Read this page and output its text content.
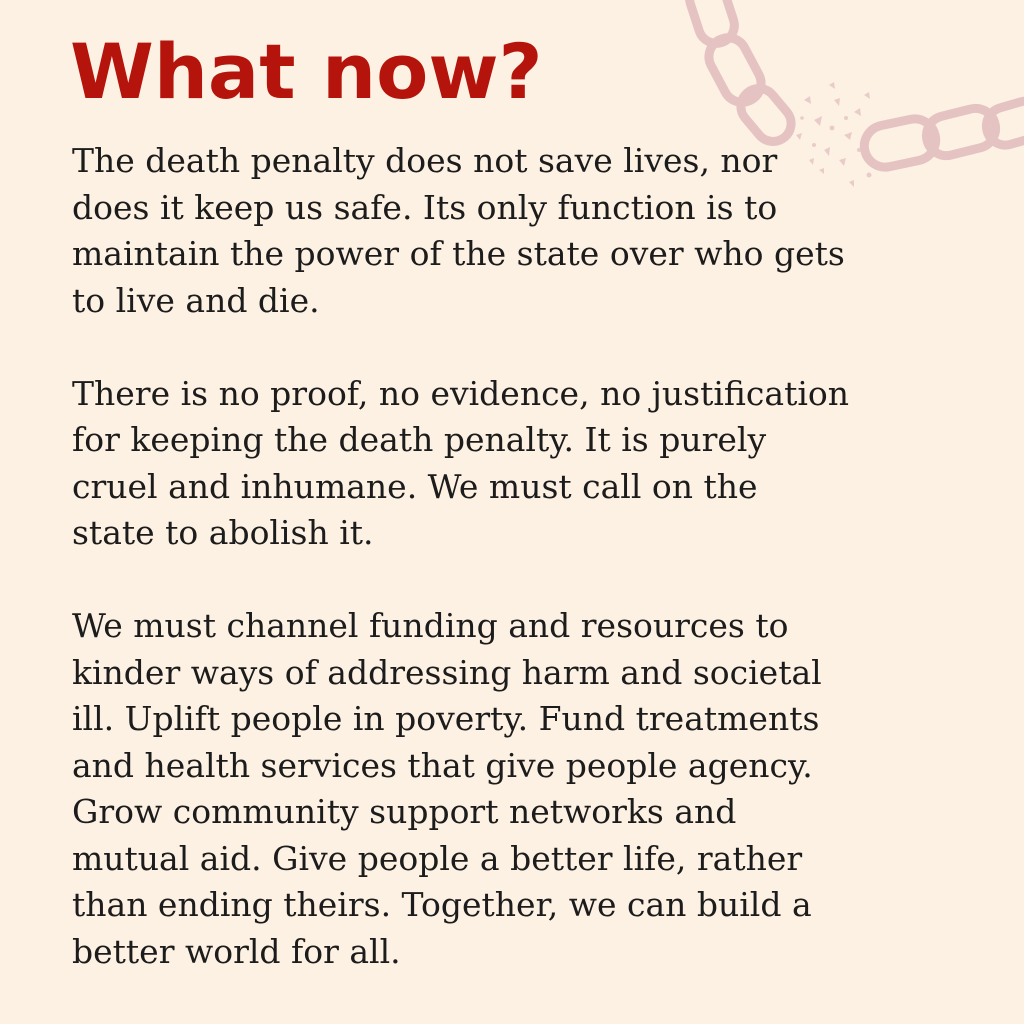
What now?

The death penalty does not save lives, nor
does it keep us safe. Its only function is to
maintain the power of the state over who gets
to live and die.

There is no proof, no evidence, no justification
for keeping the death penalty. It is purely
cruel and inhumane. We must call on the
state to abolish it.

We must channel funding and resources to
kinder ways of addressing harm and societal
ill. Uplift people in poverty. Fund treatments
and health services that give people agency.
Grow community support networks and
mutual aid. Give people a better life, rather
than ending theirs. Together, we can build a
better world for all.
